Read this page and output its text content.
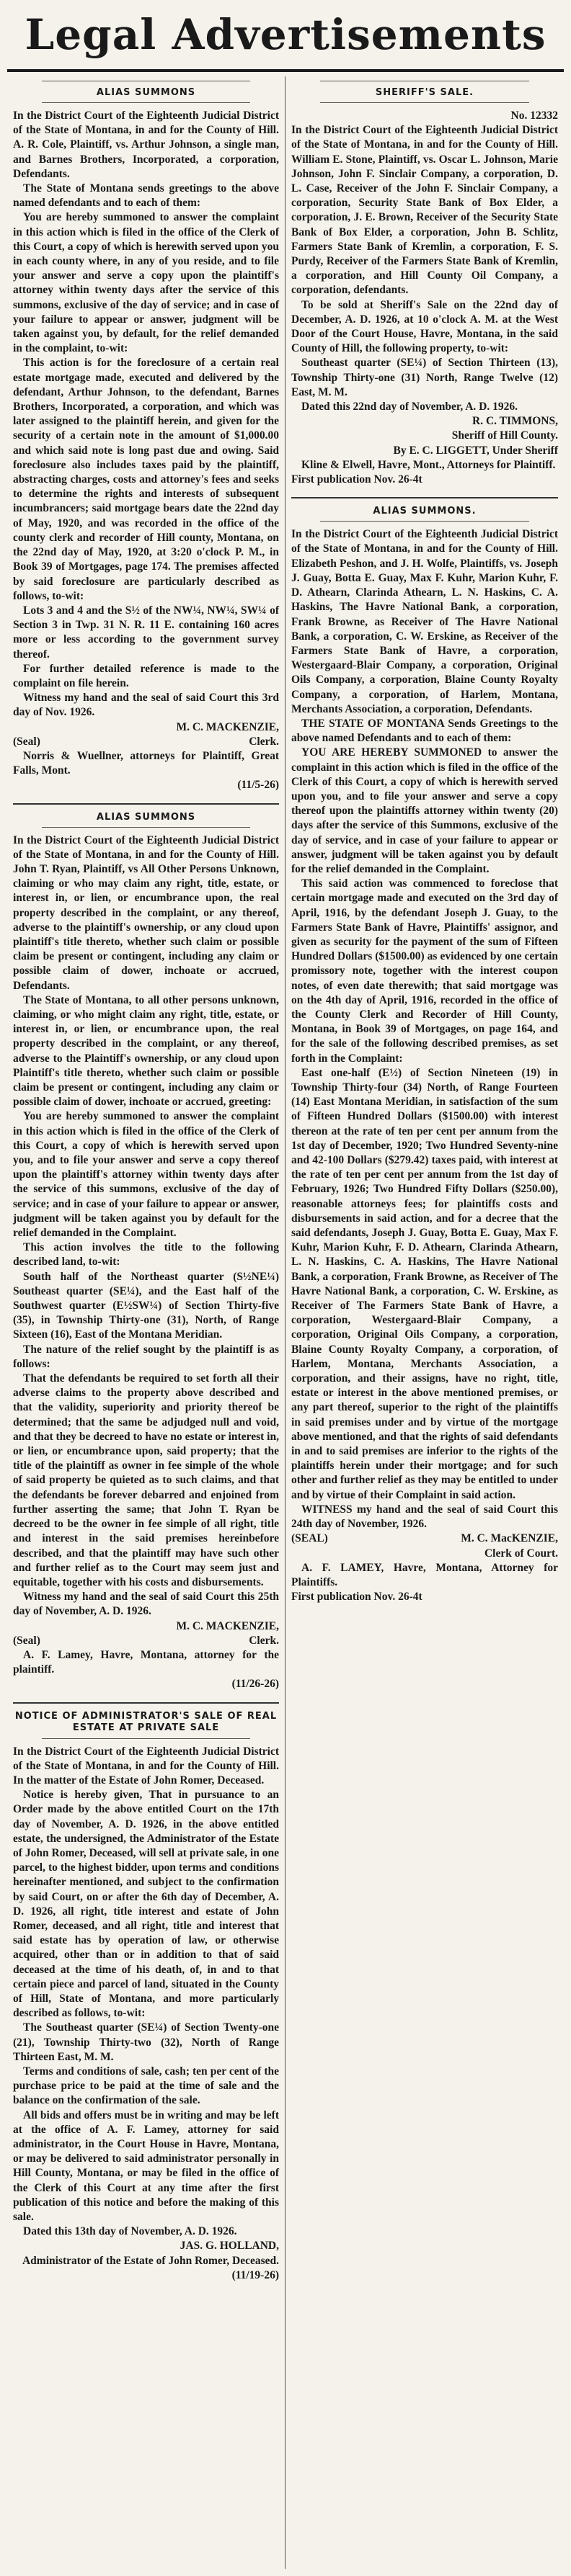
Legal Advertisements
ALIAS SUMMONS

In the District Court of the Eighteenth Judicial District of the State of Montana, in and for the County of Hill. A. R. Cole, Plaintiff, vs. Arthur Johnson, a single man, and Barnes Brothers, Incorporated, a corporation, Defendants.

The State of Montana sends greetings to the above named defendants and to each of them:

You are hereby summoned to answer the complaint in this action which is filed in the office of the Clerk of this Court, a copy of which is herewith served upon you in each county where, in any of you reside, and to file your answer and serve a copy upon the plaintiff's attorney within twenty days after the service of this summons, exclusive of the day of service; and in case of your failure to appear or answer, judgment will be taken against you, by default, for the relief demanded in the complaint, to-wit:

This action is for the foreclosure of a certain real estate mortgage made, executed and delivered by the defendant, Arthur Johnson, to the defendant, Barnes Brothers, Incorporated, a corporation, and which was later assigned to the plaintiff herein, and given for the security of a certain note in the amount of $1,000.00 and which said note is long past due and owing. Said foreclosure also includes taxes paid by the plaintiff, abstracting charges, costs and attorney's fees and seeks to determine the rights and interests of subsequent incumbrancers; said mortgage bears date the 22nd day of May, 1920, and was recorded in the office of the county clerk and recorder of Hill county, Montana, on the 22nd day of May, 1920, at 3:20 o'clock P. M., in Book 39 of Mortgages, page 174. The premises affected by said foreclosure are particularly described as follows, to-wit:

Lots 3 and 4 and the S½ of the NW¼, NW¼, SW¼ of Section 3 in Twp. 31 N. R. 11 E. containing 160 acres more or less according to the government survey thereof.

For further detailed reference is made to the complaint on file herein.

Witness my hand and the seal of said Court this 3rd day of Nov. 1926.

M. C. MACKENZIE,
(Seal)	Clerk.

Norris & Wuellner, attorneys for Plaintiff, Great Falls, Mont.

(11/5-26)
ALIAS SUMMONS

In the District Court of the Eighteenth Judicial District of the State of Montana, in and for the County of Hill. John T. Ryan, Plaintiff, vs All Other Persons Unknown, claiming or who may claim any right, title, estate, or interest in, or lien, or encumbrance upon, the real property described in the complaint, or any thereof, adverse to the plaintiff's ownership, or any cloud upon plaintiff's title thereto, whether such claim or possible claim be present or contingent, including any claim or possible claim of dower, inchoate or accrued, Defendants.

The State of Montana, to all other persons unknown, claiming, or who might claim any right, title, estate, or interest in, or lien, or encumbrance upon, the real property described in the complaint, or any thereof, adverse to the Plaintiff's ownership, or any cloud upon Plaintiff's title thereto, whether such claim or possible claim be present or contingent, including any claim or possible claim of dower, inchoate or accrued, greeting:

You are hereby summoned to answer the complaint in this action which is filed in the office of the Clerk of this Court, a copy of which is herewith served upon you, and to file your answer and serve a copy thereof upon the plaintiff's attorney within twenty days after the service of this summons, exclusive of the day of service; and in case of your failure to appear or answer, judgment will be taken against you by default for the relief demanded in the Complaint.

This action involves the title to the following described land, to-wit:

South half of the Northeast quarter (S½NE¼) Southeast quarter (SE¼), and the East half of the Southwest quarter (E½SW¼) of Section Thirty-five (35), in Township Thirty-one (31), North, of Range Sixteen (16), East of the Montana Meridian.

The nature of the relief sought by the plaintiff is as follows:

That the defendants be required to set forth all their adverse claims to the property above described and that the validity, superiority and priority thereof be determined; that the same be adjudged null and void, and that they be decreed to have no estate or interest in, or lien, or encumbrance upon, said property; that the title of the plaintiff as owner in fee simple of the whole of said property be quieted as to such claims, and that the defendants be forever debarred and enjoined from further asserting the same; that John T. Ryan be decreed to be the owner in fee simple of all right, title and interest in the said premises hereinbefore described, and that the plaintiff may have such other and further relief as to the Court may seem just and equitable, together with his costs and disbursements.

Witness my hand and the seal of said Court this 25th day of November, A. D. 1926.

M. C. MACKENZIE,
(Seal)	Clerk.

A. F. Lamey, Havre, Montana, attorney for the plaintiff.

(11/26-26)
NOTICE OF ADMINISTRATOR'S SALE OF REAL ESTATE AT PRIVATE SALE

In the District Court of the Eighteenth Judicial District of the State of Montana, in and for the County of Hill. In the matter of the Estate of John Romer, Deceased.

Notice is hereby given, That in pursuance to an Order made by the above entitled Court on the 17th day of November, A. D. 1926, in the above entitled estate, the undersigned, the Administrator of the Estate of John Romer, Deceased, will sell at private sale, in one parcel, to the highest bidder, upon terms and conditions hereinafter mentioned, and subject to the confirmation by said Court, on or after the 6th day of December, A. D. 1926, all right, title interest and estate of John Romer, deceased, and all right, title and interest that said estate has by operation of law, or otherwise acquired, other than or in addition to that of said deceased at the time of his death, of, in and to that certain piece and parcel of land, situated in the County of Hill, State of Montana, and more particularly described as follows, to-wit:

The Southeast quarter (SE¼) of Section Twenty-one (21), Township Thirty-two (32), North of Range Thirteen East, M. M.

Terms and conditions of sale, cash; ten per cent of the purchase price to be paid at the time of sale and the balance on the confirmation of the sale.

All bids and offers must be in writing and may be left at the office of A. F. Lamey, attorney for said administrator, in the Court House in Havre, Montana, or may be delivered to said administrator personally in Hill County, Montana, or may be filed in the office of the Clerk of this Court at any time after the first publication of this notice and before the making of this sale.

Dated this 13th day of November, A. D. 1926.

JAS. G. HOLLAND,
Administrator of the Estate of John Romer, Deceased.
(11/19-26)
SHERIFF'S SALE.
No. 12332

In the District Court of the Eighteenth Judicial District of the State of Montana, in and for the County of Hill. William E. Stone, Plaintiff, vs. Oscar L. Johnson, Marie Johnson, John F. Sinclair Company, a corporation, D. L. Case, Receiver of the John F. Sinclair Company, a corporation, Security State Bank of Box Elder, a corporation, J. E. Brown, Receiver of the Security State Bank of Box Elder, a corporation, John B. Schlitz, Farmers State Bank of Kremlin, a corporation, F. S. Purdy, Receiver of the Farmers State Bank of Kremlin, a corporation, and Hill County Oil Company, a corporation, defendants.

To be sold at Sheriff's Sale on the 22nd day of December, A. D. 1926, at 10 o'clock A. M. at the West Door of the Court House, Havre, Montana, in the said County of Hill, the following property, to-wit:

Southeast quarter (SE¼) of Section Thirteen (13), Township Thirty-one (31) North, Range Twelve (12) East, M. M.

Dated this 22nd day of November, A. D. 1926.

R. C. TIMMONS,
Sheriff of Hill County.
By E. C. LIGGETT, Under Sheriff

Kline & Elwell, Havre, Mont., Attorneys for Plaintiff.

First publication Nov. 26-4t

ALIAS SUMMONS.

In the District Court of the Eighteenth Judicial District of the State of Montana, in and for the County of Hill. Elizabeth Peshon, and J. H. Wolfe, Plaintiffs, vs. Joseph J. Guay, Botta E. Guay, Max F. Kuhr, Marion Kuhr, F. D. Athearn, Clarinda Athearn, L. N. Haskins, C. A. Haskins, The Havre National Bank, a corporation, Frank Browne, as Receiver of The Havre National Bank, a corporation, C. W. Erskine, as Receiver of the Farmers State Bank of Havre, a corporation, Westergaard-Blair Company, a corporation, Original Oils Company, a corporation, Blaine County Royalty Company, a corporation, of Harlem, Montana, Merchants Association, a corporation, Defendants.

THE STATE OF MONTANA Sends Greetings to the above named Defendants and to each of them:

YOU ARE HEREBY SUMMONED to answer the complaint in this action which is filed in the office of the Clerk of this Court, a copy of which is herewith served upon you, and to file your answer and serve a copy thereof upon the plaintiffs attorney within twenty (20) days after the service of this Summons, exclusive of the day of service, and in case of your failure to appear or answer, judgment will be taken against you by default for the relief demanded in the Complaint.

This said action was commenced to foreclose that certain mortgage made and executed on the 3rd day of April, 1916, by the defendant Joseph J. Guay, to the Farmers State Bank of Havre, Plaintiffs' assignor, and given as security for the payment of the sum of Fifteen Hundred Dollars ($1500.00) as evidenced by one certain promissory note, together with the interest coupon notes, of even date therewith; that said mortgage was on the 4th day of April, 1916, recorded in the office of the County Clerk and Recorder of Hill County, Montana, in Book 39 of Mortgages, on page 164, and for the sale of the following described premises, as set forth in the Complaint:

East one-half (E½) of Section Nineteen (19) in Township Thirty-four (34) North, of Range Fourteen (14) East Montana Meridian, in satisfaction of the sum of Fifteen Hundred Dollars ($1500.00) with interest thereon at the rate of ten per cent per annum from the 1st day of December, 1920; Two Hundred Seventy-nine and 42-100 Dollars ($279.42) taxes paid, with interest at the rate of ten per cent per annum from the 1st day of February, 1926; Two Hundred Fifty Dollars ($250.00), reasonable attorneys fees; for plaintiffs costs and disbursements in said action, and for a decree that the said defendants, Joseph J. Guay, Botta E. Guay, Max F. Kuhr, Marion Kuhr, F. D. Athearn, Clarinda Athearn, L. N. Haskins, C. A. Haskins, The Havre National Bank, a corporation, Frank Browne, as Receiver of The Havre National Bank, a corporation, C. W. Erskine, as Receiver of The Farmers State Bank of Havre, a corporation, Westergaard-Blair Company, a corporation, Original Oils Company, a corporation, Blaine County Royalty Company, a corporation, of Harlem, Montana, Merchants Association, a corporation, and their assigns, have no right, title, estate or interest in the above mentioned premises, or any part thereof, superior to the right of the plaintiffs in said premises under and by virtue of the mortgage above mentioned, and that the rights of said defendants in and to said premises are inferior to the rights of the plaintiffs herein under their mortgage; and for such other and further relief as they may be entitled to under and by virtue of their Complaint in said action.

WITNESS my hand and the seal of said Court this 24th day of November, 1926.

(SEAL)	M. C. MacKENZIE,
Clerk of Court.

A. F. LAMEY, Havre, Montana, Attorney for Plaintiffs.

First publication Nov. 26-4t
